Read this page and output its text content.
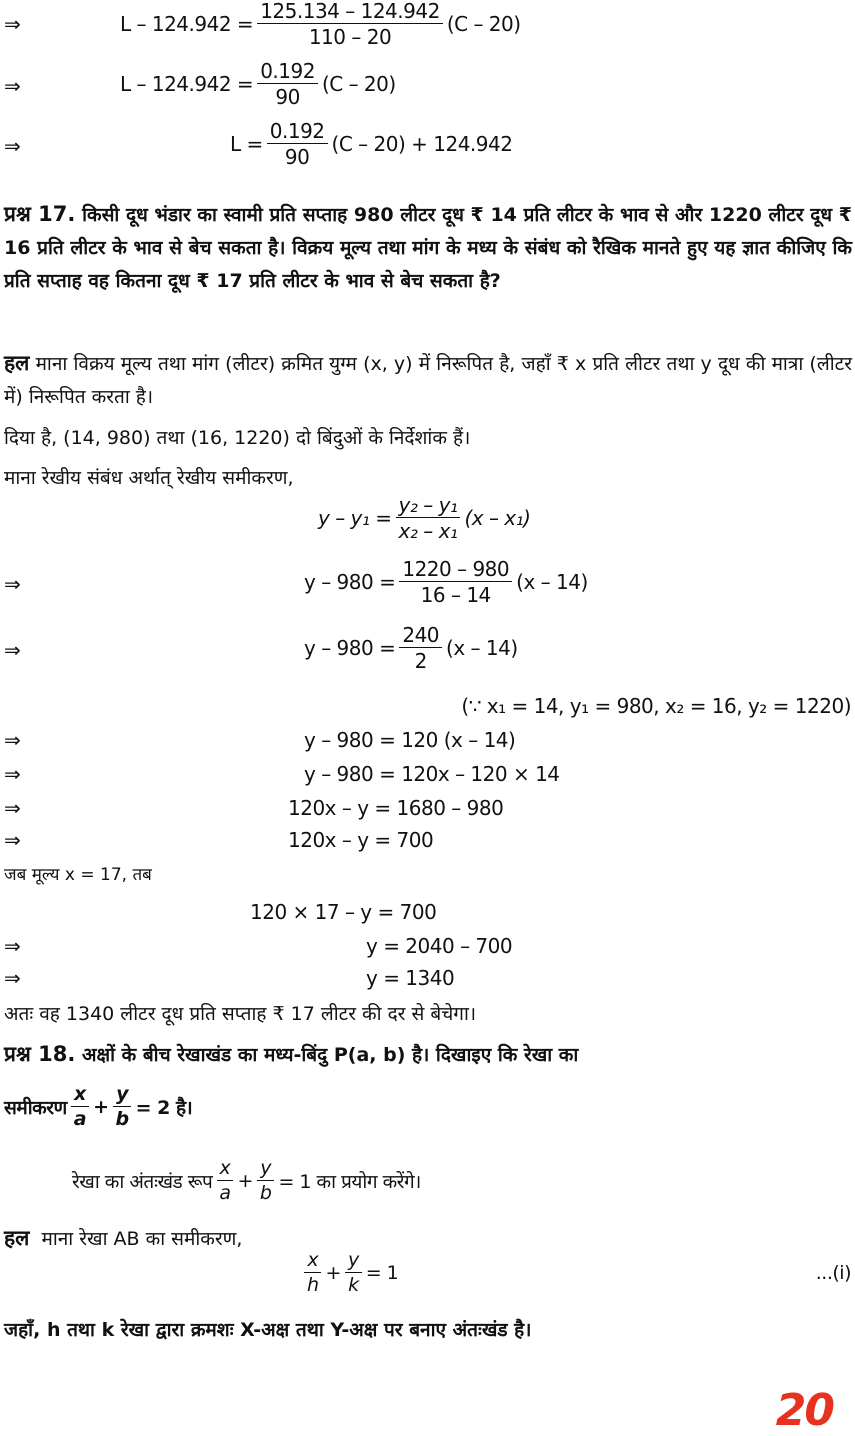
⇒	$L - 124.942 = \frac{125.134 - 124.942}{110 - 20} (C - 20)$
⇒	$L - 124.942 = \frac{0.192}{90} (C - 20)$
⇒	$L = \frac{0.192}{90} (C - 20) + 124.942$
प्रश्न 17. किसी दूध भंडार का स्वामी प्रति सप्ताह 980 लीटर दूध ₹ 14 प्रति लीटर के भाव से और 1220 लीटर दूध ₹ 16 प्रति लीटर के भाव से बेच सकता है। विक्रय मूल्य तथा मांग के मध्य के संबंध को रैखिक मानते हुए यह ज्ञात कीजिए कि प्रति सप्ताह वह कितना दूध ₹ 17 प्रति लीटर के भाव से बेच सकता है?
हल माना विक्रय मूल्य तथा मांग (लीटर) क्रमित युग्म (x, y) में निरूपित है, जहाँ ₹ x प्रति लीटर तथा y दूध की मात्रा (लीटर में) निरूपित करता है।
दिया है, (14, 980) तथा (16, 1220) दो बिंदुओं के निर्देशांक हैं।
माना रेखीय संबंध अर्थात् रेखीय समीकरण,
$y - y_1 = \frac{\text{y₂ – y₁}}{\text{x₂ – x₁}} (x - x_1)$
⇒	$y - 980 = \frac{1220 - 980}{16 - 14} (x - 14)$
⇒	$y - 980 = \frac{240}{2} (x - 14)$
(∵ x₁ = 14, y₁ = 980, x₂ = 16, y₂ = 1220)
⇒	y – 980 = 120 (x – 14)
⇒	y – 980 = 120x – 120 × 14
⇒	120x – y = 1680 – 980
⇒	120x – y = 700
जब मूल्य x = 17, तब
120 × 17 – y = 700
⇒	y = 2040 – 700
⇒	y = 1340
अतः वह 1340 लीटर दूध प्रति सप्ताह ₹ 17 लीटर की दर से बेचेगा।
प्रश्न 18. अक्षों के बीच रेखाखंड का मध्य-बिंदु P(a, b) है। दिखाइए कि रेखा का
समीकरण $\frac{x}{a} + \frac{y}{b} = 2$ है।
रेखा का अंतःखंड रूप $\frac{x}{a} + \frac{y}{b} = 1$ का प्रयोग करेंगे।
हल माना रेखा AB का समीकरण,
$\frac{x}{h} + \frac{y}{k} = 1$	...(i)
जहाँ, h तथा k रेखा द्वारा क्रमशः X-अक्ष तथा Y-अक्ष पर बनाए अंतःखंड है।
20
